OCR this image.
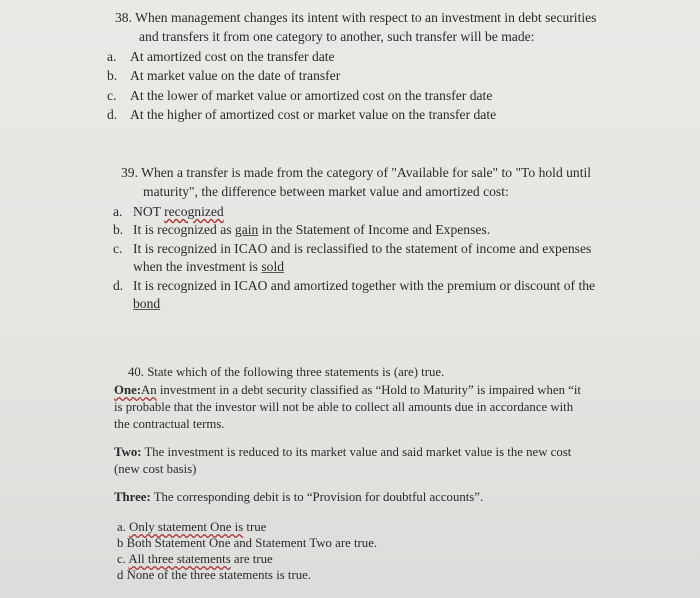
38. When management changes its intent with respect to an investment in debt securities
and transfers it from one category to another, such transfer will be made:
a. At amortized cost on the transfer date
b. At market value on the date of transfer
c. At the lower of market value or amortized cost on the transfer date
d. At the higher of amortized cost or market value on the transfer date
39. When a transfer is made from the category of "Available for sale" to "To hold until
maturity", the difference between market value and amortized cost:
a. NOT recognized
b. It is recognized as gain in the Statement of Income and Expenses.
c. It is recognized in ICAO and is reclassified to the statement of income and expenses
when the investment is sold
d. It is recognized in ICAO and amortized together with the premium or discount of the
bond
40. State which of the following three statements is (are) true.
One:An investment in a debt security classified as “Hold to Maturity” is impaired when “it
is probable that the investor will not be able to collect all amounts due in accordance with
the contractual terms.
Two: The investment is reduced to its market value and said market value is the new cost
(new cost basis)
Three: The corresponding debit is to “Provision for doubtful accounts”.
a. Only statement One is true
b Both Statement One and Statement Two are true.
c. All three statements are true
d None of the three statements is true.
